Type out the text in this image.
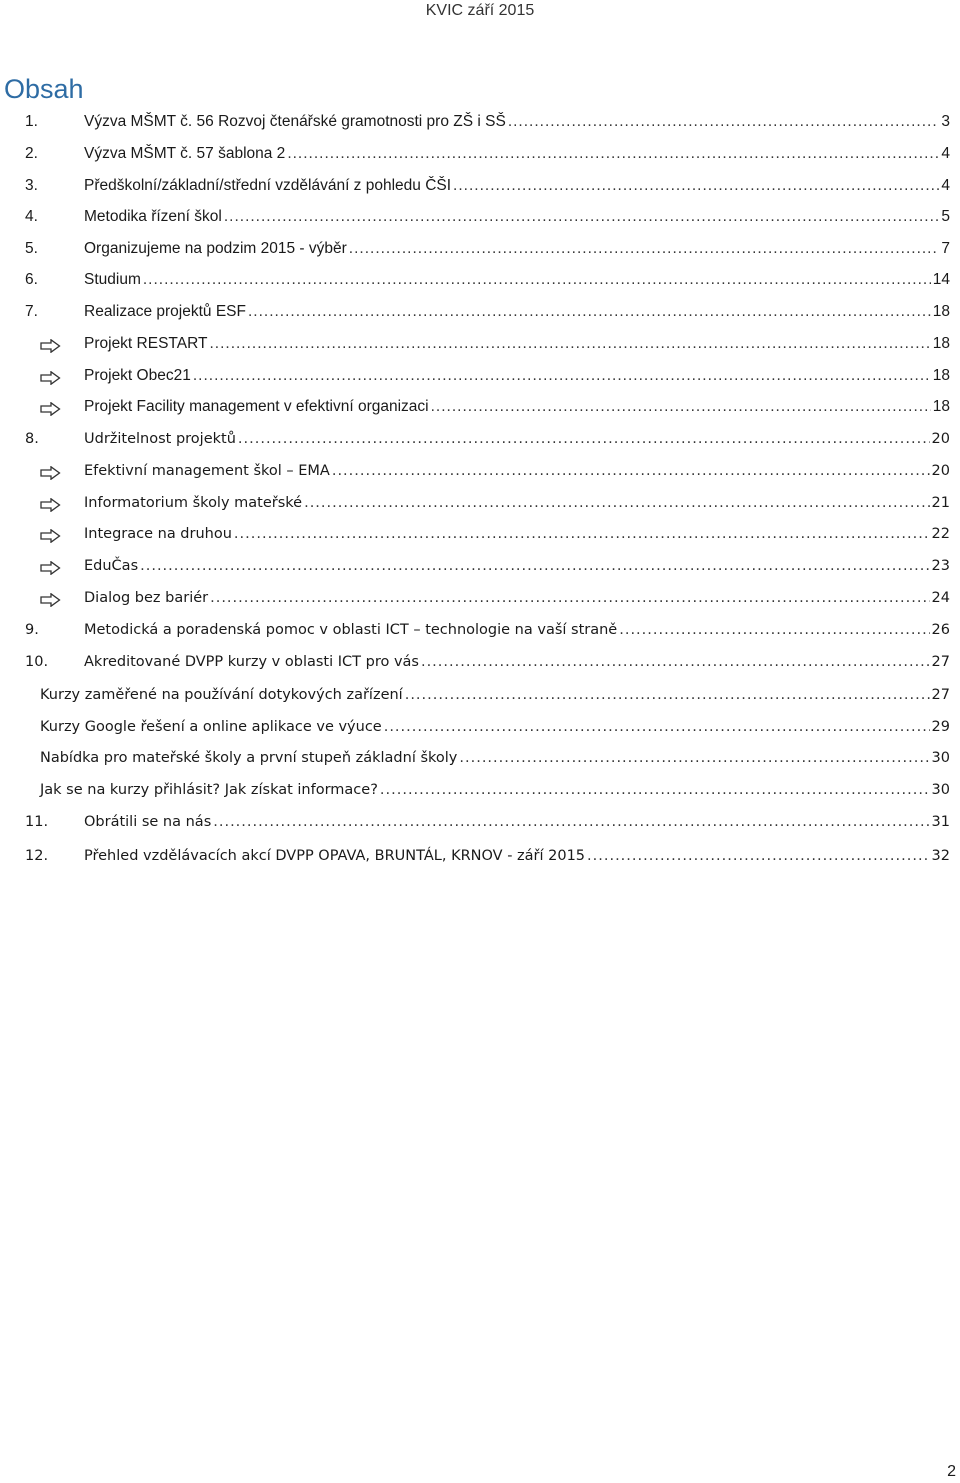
KVIC září 2015
Obsah
1.	Výzva MŠMT č. 56 Rozvoj čtenářské gramotnosti pro ZŠ i SŠ .....	3
2.	Výzva MŠMT č. 57 šablona 2 .....	4
3.	Předškolní/základní/střední vzdělávání z pohledu ČŠI .....	4
4.	Metodika řízení škol .....	5
5.	Organizujeme na podzim 2015 - výběr .....	7
6.	Studium .....	14
7.	Realizace projektů ESF .....	18
Projekt RESTART .....	18
Projekt Obec21 .....	18
Projekt Facility management v efektivní organizaci .....	18
8.	Udržitelnost projektů .....	20
Efektivní management škol – EMA .....	20
Informatorium školy mateřské .....	21
Integrace na druhou .....	22
EduČas .....	23
Dialog bez bariér .....	24
9.	Metodická a poradenská pomoc v oblasti ICT – technologie na vaší straně .....	26
10. Akreditované DVPP kurzy v oblasti ICT pro vás .....	27
Kurzy zaměřené na používání dotykových zařízení .....	27
Kurzy Google řešení a online aplikace ve výuce .....	29
Nabídka pro mateřské školy a první stupeň základní školy .....	30
Jak se na kurzy přihlásit? Jak získat informace? .....	30
11. Obrátili se na nás .....	31
12. Přehled vzdělávacích akcí DVPP OPAVA, BRUNTÁL, KRNOV - září 2015 .....	32
2
